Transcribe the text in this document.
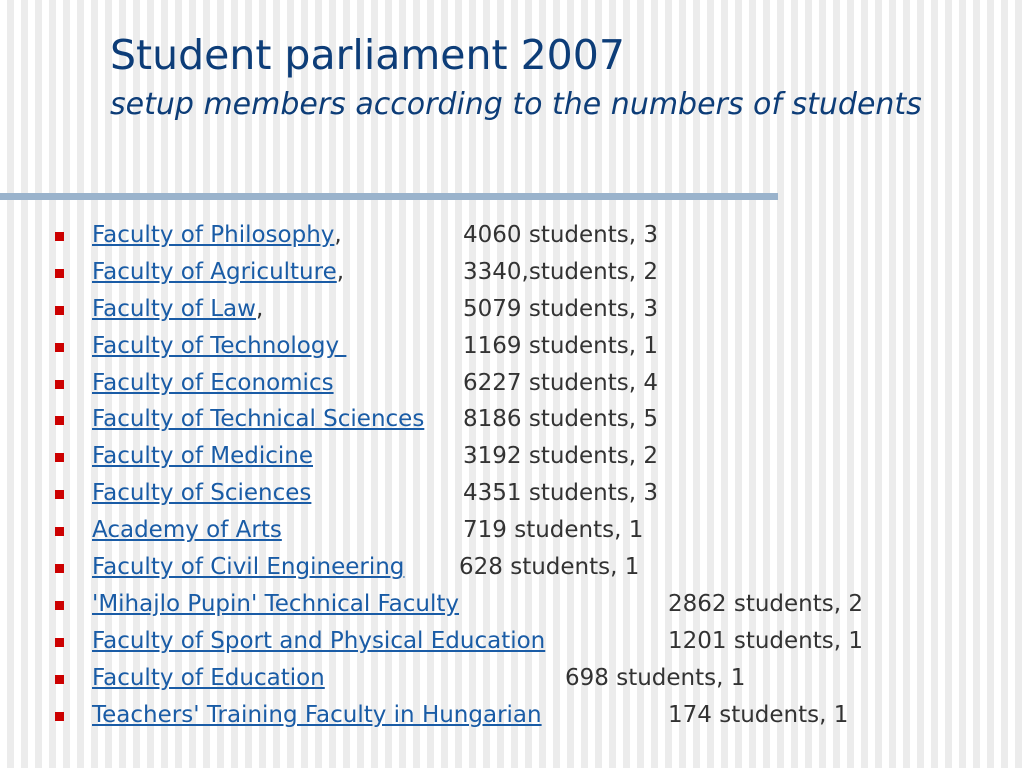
Student parliament 2007
setup members according to the numbers of students
Faculty of Philosophy,	4060 students, 3
Faculty of Agriculture,	3340,students, 2
Faculty of Law,	5079 students, 3
Faculty of Technology	1169 students, 1
Faculty of Economics	6227 students, 4
Faculty of Technical Sciences 8186 students, 5
Faculty of Medicine	3192 students, 2
Faculty of Sciences	4351 students, 3
Academy of Arts	719 students, 1
Faculty of Civil Engineering 628 students, 1
'Mihajlo Pupin' Technical Faculty	2862 students, 2
Faculty of Sport and Physical Education	1201 students, 1
Faculty of Education	698 students, 1
Teachers' Training Faculty in Hungarian	174 students, 1
